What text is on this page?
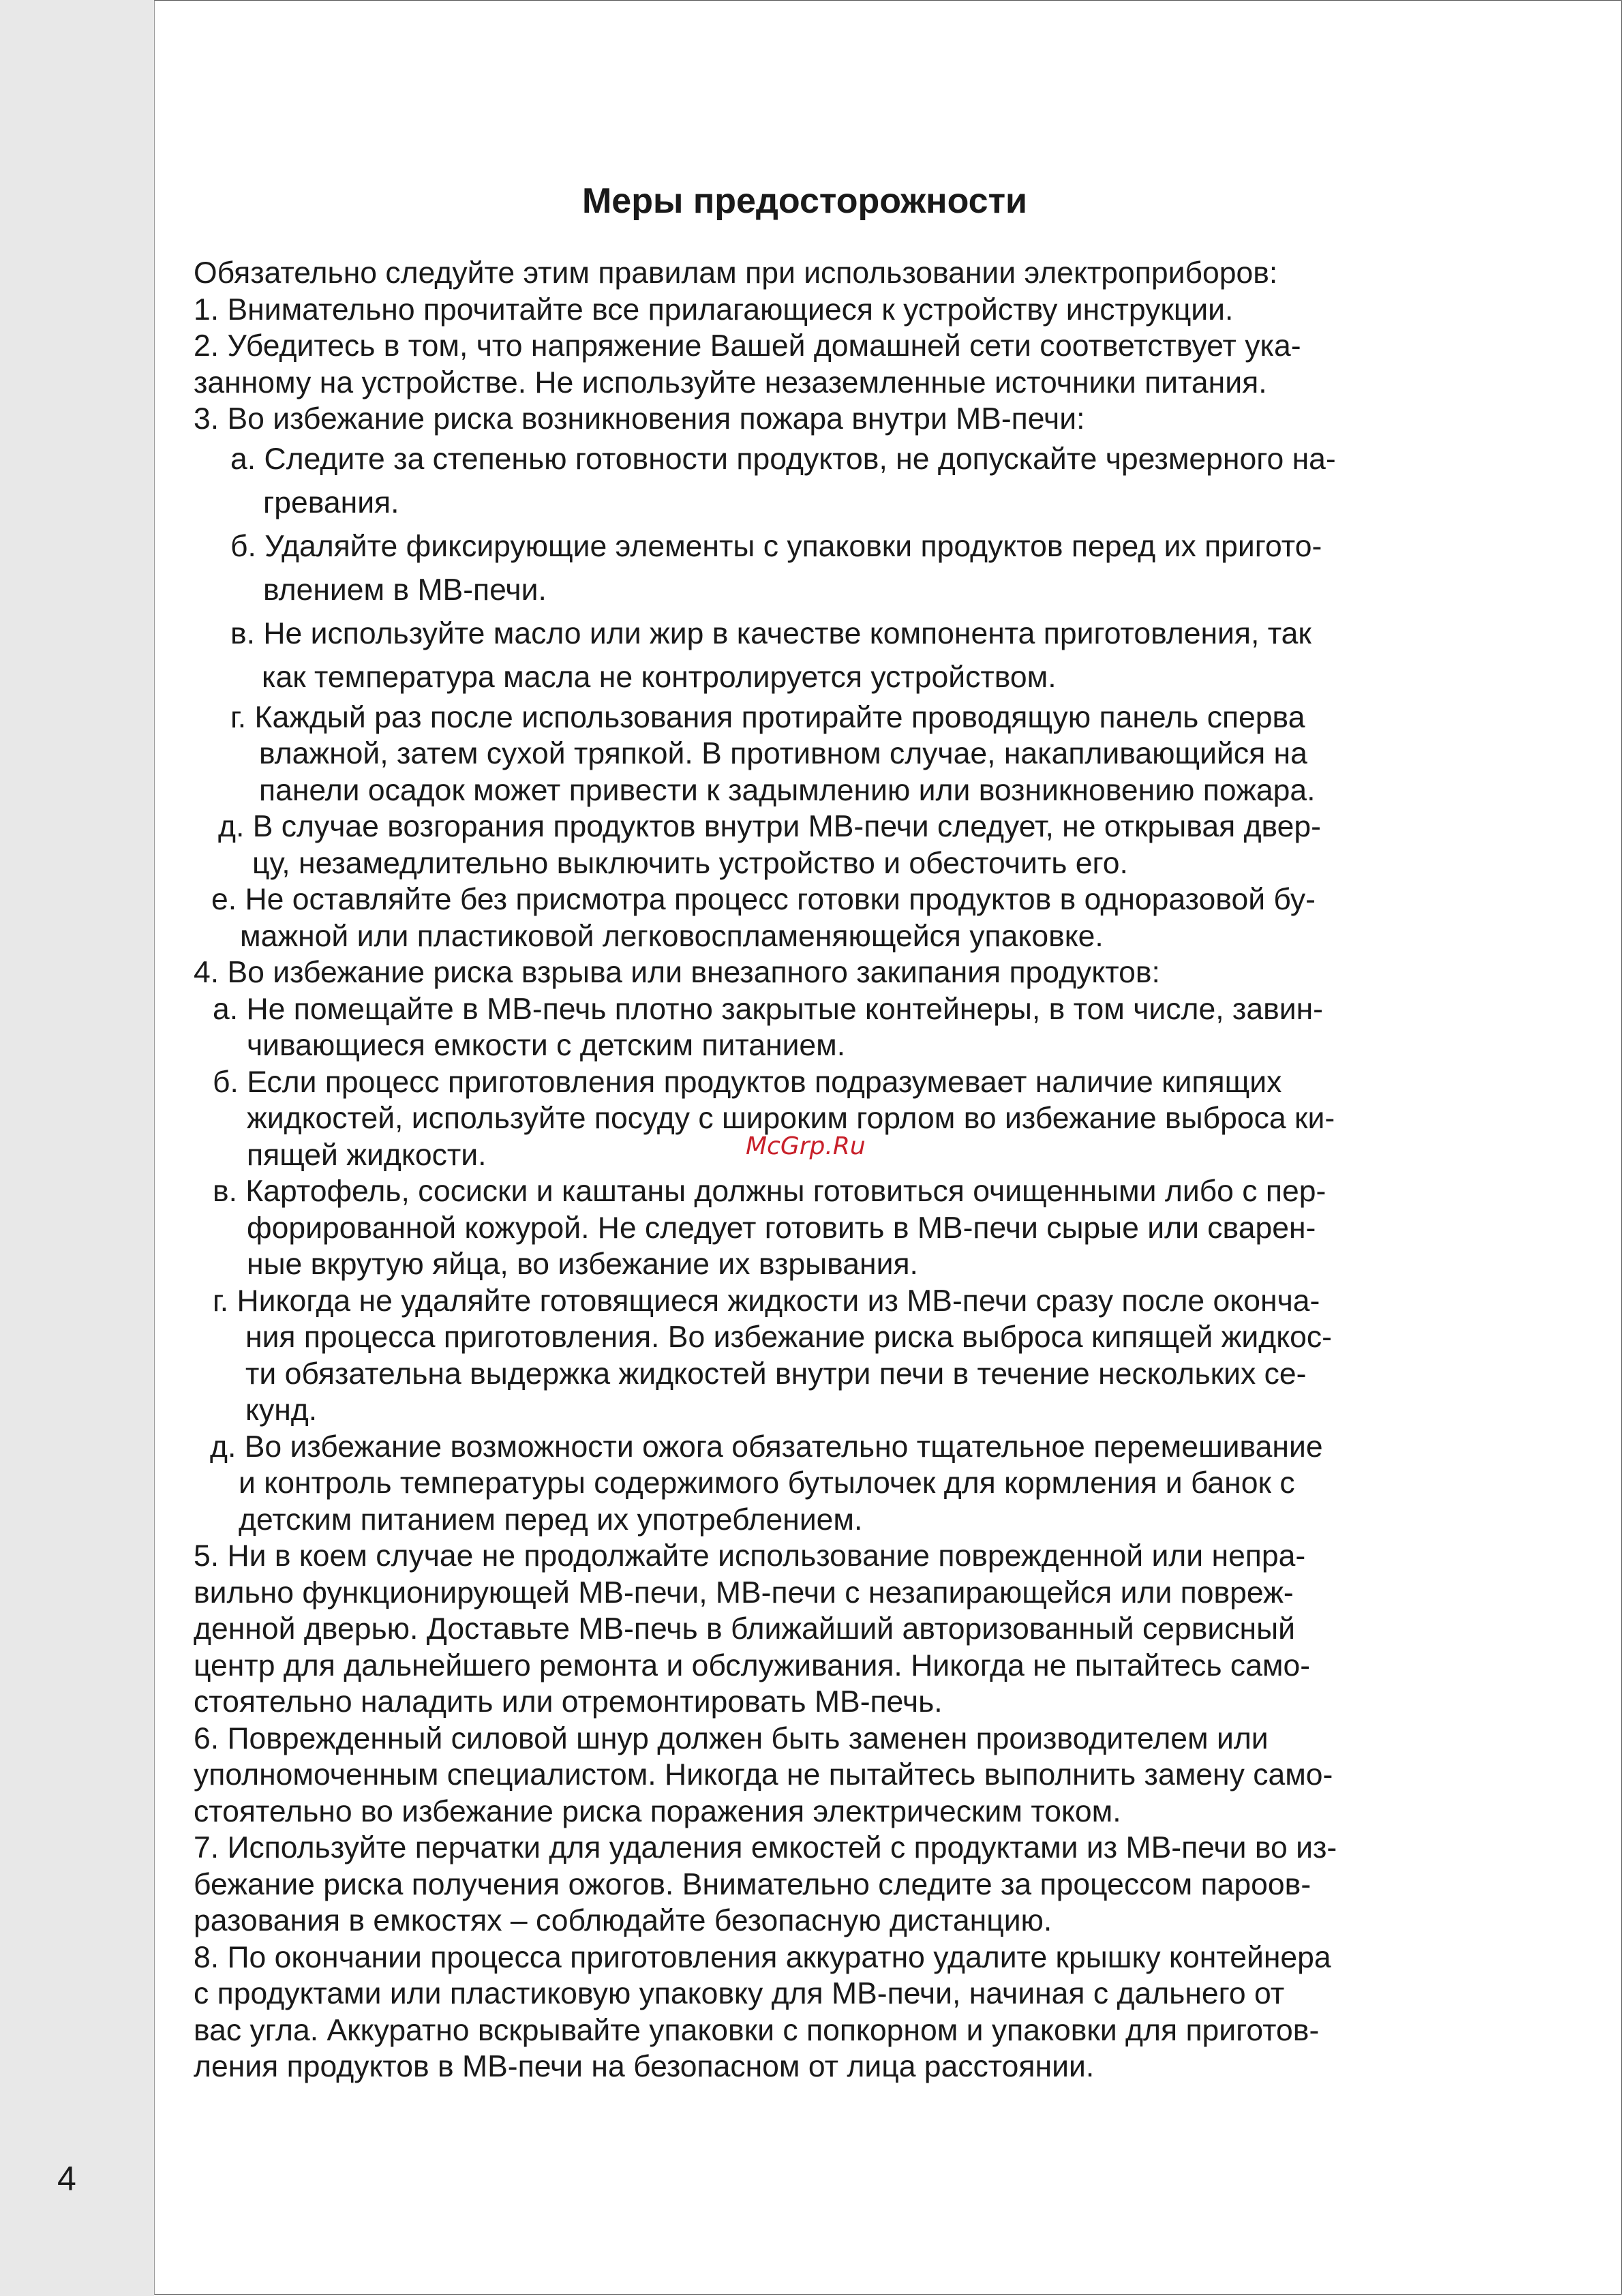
Меры предосторожности
Обязательно следуйте этим правилам при использовании электроприборов:
1. Внимательно прочитайте все прилагающиеся к устройству инструкции.
2. Убедитесь в том, что напряжение Вашей домашней сети соответствует ука-
занному на устройстве. Не используйте незаземленные источники питания.
3. Во избежание риска возникновения пожара внутри МВ-печи:
а. Следите за степенью готовности продуктов, не допускайте чрезмерного на-
гревания.
б. Удаляйте фиксирующие элементы с упаковки продуктов перед их пригото-
влением в МВ-печи.
в. Не используйте масло или жир в качестве компонента приготовления, так
как температура масла не контролируется устройством.
г. Каждый раз после использования протирайте проводящую панель сперва
влажной, затем сухой тряпкой. В противном случае, накапливающийся на
панели осадок может привести к задымлению или возникновению пожара.
д. В случае возгорания продуктов внутри МВ-печи следует, не открывая двер-
цу, незамедлительно выключить устройство и обесточить его.
е. Не оставляйте без присмотра процесс готовки продуктов в одноразовой бу-
мажной или пластиковой легковоспламеняющейся упаковке.
4. Во избежание риска взрыва или внезапного закипания продуктов:
а. Не помещайте в МВ-печь плотно закрытые контейнеры, в том числе, завин-
чивающиеся емкости с детским питанием.
б. Если процесс приготовления продуктов подразумевает наличие кипящих
жидкостей, используйте посуду с широким горлом во избежание выброса ки-
пящей жидкости.
в. Картофель, сосиски и каштаны должны готовиться очищенными либо с пер-
форированной кожурой. Не следует готовить в МВ-печи сырые или сварен-
ные вкрутую яйца, во избежание их взрывания.
г. Никогда не удаляйте готовящиеся жидкости из МВ-печи сразу после оконча-
ния процесса приготовления. Во избежание риска выброса кипящей жидкос-
ти обязательна выдержка жидкостей внутри печи в течение нескольких се-
кунд.
д. Во избежание возможности ожога обязательно тщательное перемешивание
и контроль температуры содержимого бутылочек для кормления и банок с
детским питанием перед их употреблением.
5. Ни в коем случае не продолжайте использование поврежденной или непра-
вильно функционирующей МВ-печи, МВ-печи с незапирающейся или повреж-
денной дверью. Доставьте МВ-печь в ближайший авторизованный сервисный
центр для дальнейшего ремонта и обслуживания. Никогда не пытайтесь само-
стоятельно наладить или отремонтировать МВ-печь.
6. Поврежденный силовой шнур должен быть заменен производителем или
уполномоченным специалистом. Никогда не пытайтесь выполнить замену само-
стоятельно во избежание риска поражения электрическим током.
7. Используйте перчатки для удаления емкостей с продуктами из МВ-печи во из-
бежание риска получения ожогов. Внимательно следите за процессом пароов-
разования в емкостях – соблюдайте безопасную дистанцию.
8. По окончании процесса приготовления аккуратно удалите крышку контейнера
с продуктами или пластиковую упаковку для МВ-печи, начиная с дальнего от
вас угла. Аккуратно вскрывайте упаковки с попкорном и упаковки для приготов-
ления продуктов в МВ-печи на безопасном от лица расстоянии.
McGrp.Ru
4
